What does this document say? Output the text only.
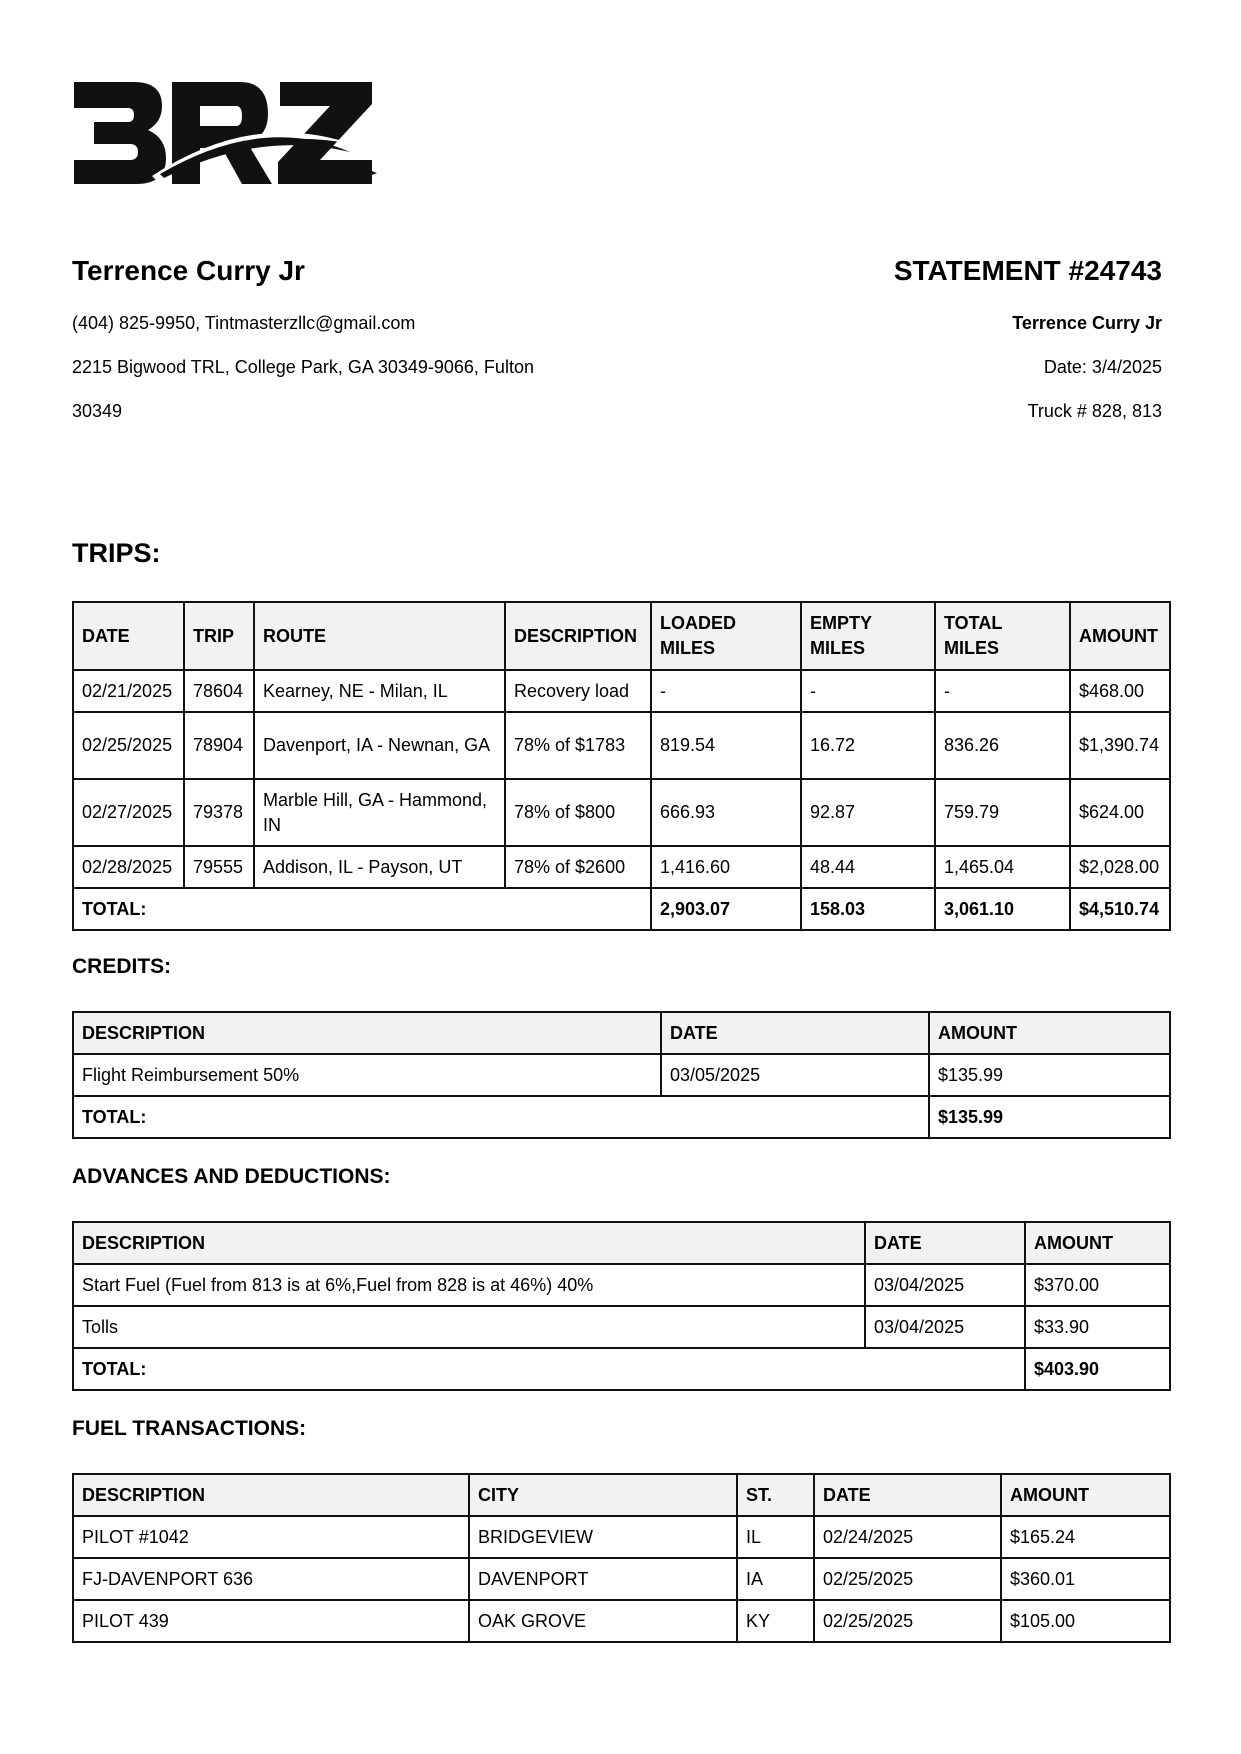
Terrence Curry Jr
(404) 825-9950, Tintmasterzllc@gmail.com
2215 Bigwood TRL, College Park, GA 30349-9066, Fulton
30349
STATEMENT #24743
Terrence Curry Jr
Date: 3/4/2025
Truck # 828, 813
TRIPS:
DATE	TRIP	ROUTE	DESCRIPTION	LOADED MILES	EMPTY MILES	TOTAL MILES	AMOUNT
02/21/2025	78604	Kearney, NE - Milan, IL	Recovery load	-	-	-	$468.00
02/25/2025	78904	Davenport, IA - Newnan, GA	78% of $1783	819.54	16.72	836.26	$1,390.74
02/27/2025	79378	Marble Hill, GA - Hammond, IN	78% of $800	666.93	92.87	759.79	$624.00
02/28/2025	79555	Addison, IL - Payson, UT	78% of $2600	1,416.60	48.44	1,465.04	$2,028.00
TOTAL:				2,903.07	158.03	3,061.10	$4,510.74
CREDITS:
DESCRIPTION	DATE	AMOUNT
Flight Reimbursement 50%	03/05/2025	$135.99
TOTAL:		$135.99
ADVANCES AND DEDUCTIONS:
DESCRIPTION	DATE	AMOUNT
Start Fuel (Fuel from 813 is at 6%,Fuel from 828 is at 46%) 40%	03/04/2025	$370.00
Tolls	03/04/2025	$33.90
TOTAL:		$403.90
FUEL TRANSACTIONS:
DESCRIPTION	CITY	ST.	DATE	AMOUNT
PILOT #1042	BRIDGEVIEW	IL	02/24/2025	$165.24
FJ-DAVENPORT 636	DAVENPORT	IA	02/25/2025	$360.01
PILOT 439	OAK GROVE	KY	02/25/2025	$105.00
